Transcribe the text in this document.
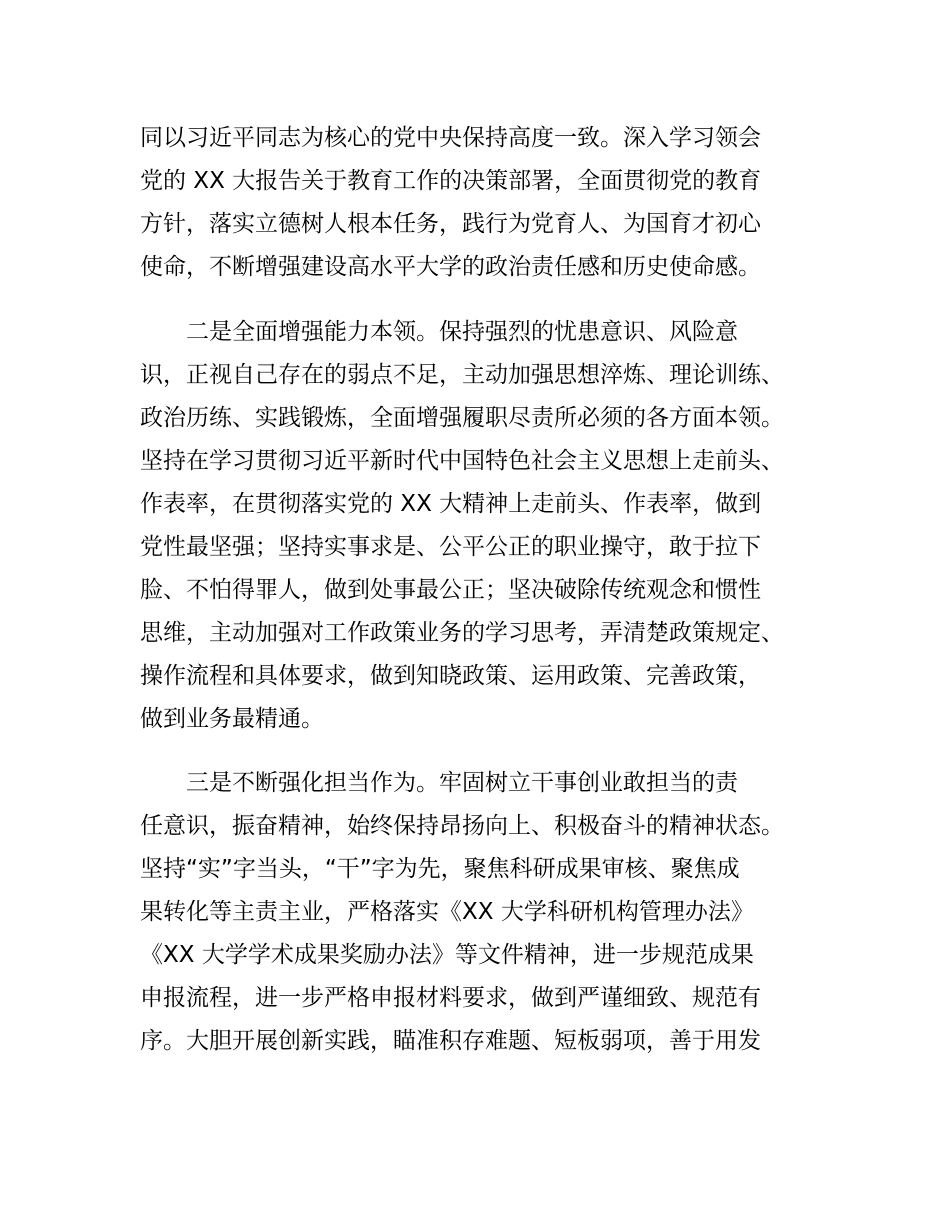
同以习近平同志为核心的党中央保持高度一致。深入学习领会
党的 XX 大报告关于教育工作的决策部署，全面贯彻党的教育
方针，落实立德树人根本任务，践行为党育人、为国育才初心
使命，不断增强建设高水平大学的政治责任感和历史使命感。
　　二是全面增强能力本领。保持强烈的忧患意识、风险意
识，正视自己存在的弱点不足，主动加强思想淬炼、理论训练、
政治历练、实践锻炼，全面增强履职尽责所必须的各方面本领。
坚持在学习贯彻习近平新时代中国特色社会主义思想上走前头、
作表率，在贯彻落实党的 XX 大精神上走前头、作表率，做到
党性最坚强；坚持实事求是、公平公正的职业操守，敢于拉下
脸、不怕得罪人，做到处事最公正；坚决破除传统观念和惯性
思维，主动加强对工作政策业务的学习思考，弄清楚政策规定、
操作流程和具体要求，做到知晓政策、运用政策、完善政策，
做到业务最精通。
　　三是不断强化担当作为。牢固树立干事创业敢担当的责
任意识，振奋精神，始终保持昂扬向上、积极奋斗的精神状态。
坚持“实”字当头，“干”字为先，聚焦科研成果审核、聚焦成
果转化等主责主业，严格落实《XX 大学科研机构管理办法》
《XX 大学学术成果奖励办法》等文件精神，进一步规范成果
申报流程，进一步严格申报材料要求，做到严谨细致、规范有
序。大胆开展创新实践，瞄准积存难题、短板弱项，善于用发
